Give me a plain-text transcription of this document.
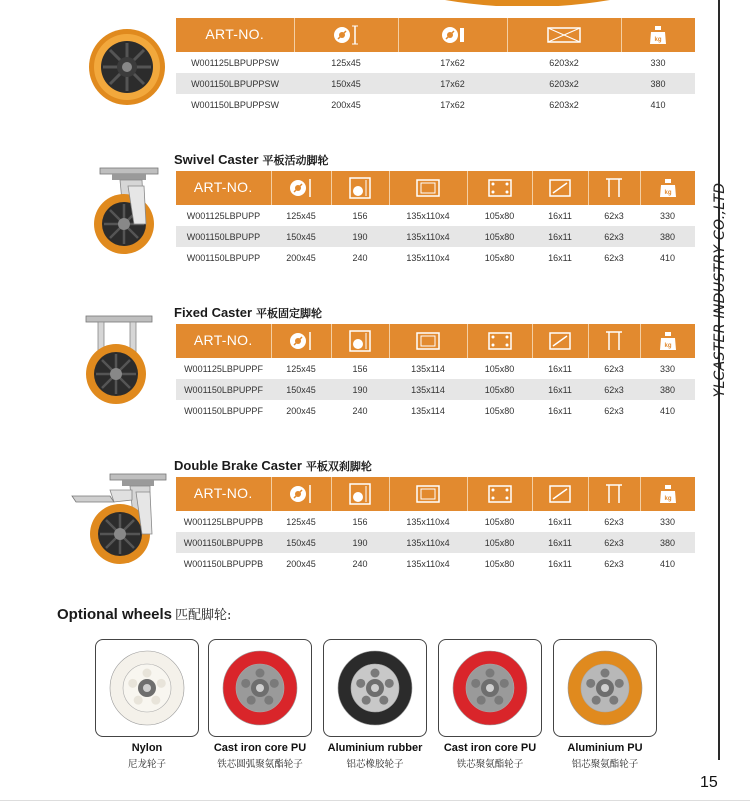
YLCASTER INDUSTRY CO.,LTD
15
ART-NO.				kg

W001125LBPUPPSW	125x45	17x62	6203x2	330
W001150LBPUPPSW	150x45	17x62	6203x2	380
W001150LBPUPPSW	200x45	17x62	6203x2	410
Swivel Caster 平板活动脚轮
ART-NO.							kg

W001125LBPUPP	125x45	156	135x110x4	105x80	16x11	62x3	330
W001150LBPUPP	150x45	190	135x110x4	105x80	16x11	62x3	380
W001150LBPUPP	200x45	240	135x110x4	105x80	16x11	62x3	410
Fixed Caster 平板固定脚轮
ART-NO.							kg

W001125LBPUPPF	125x45	156	135x114	105x80	16x11	62x3	330
W001150LBPUPPF	150x45	190	135x114	105x80	16x11	62x3	380
W001150LBPUPPF	200x45	240	135x114	105x80	16x11	62x3	410
Double Brake Caster 平板双刹脚轮
ART-NO.							kg

W001125LBPUPPB	125x45	156	135x110x4	105x80	16x11	62x3	330
W001150LBPUPPB	150x45	190	135x110x4	105x80	16x11	62x3	380
W001150LBPUPPB	200x45	240	135x110x4	105x80	16x11	62x3	410
Optional wheels 匹配脚轮:
Nylon
尼龙轮子
Cast iron core PU
铁芯圆弧聚氨酯轮子
Aluminium rubber
铝芯橡胶轮子
Cast iron core PU
铁芯聚氨酯轮子
Aluminium PU
铝芯聚氨酯轮子
